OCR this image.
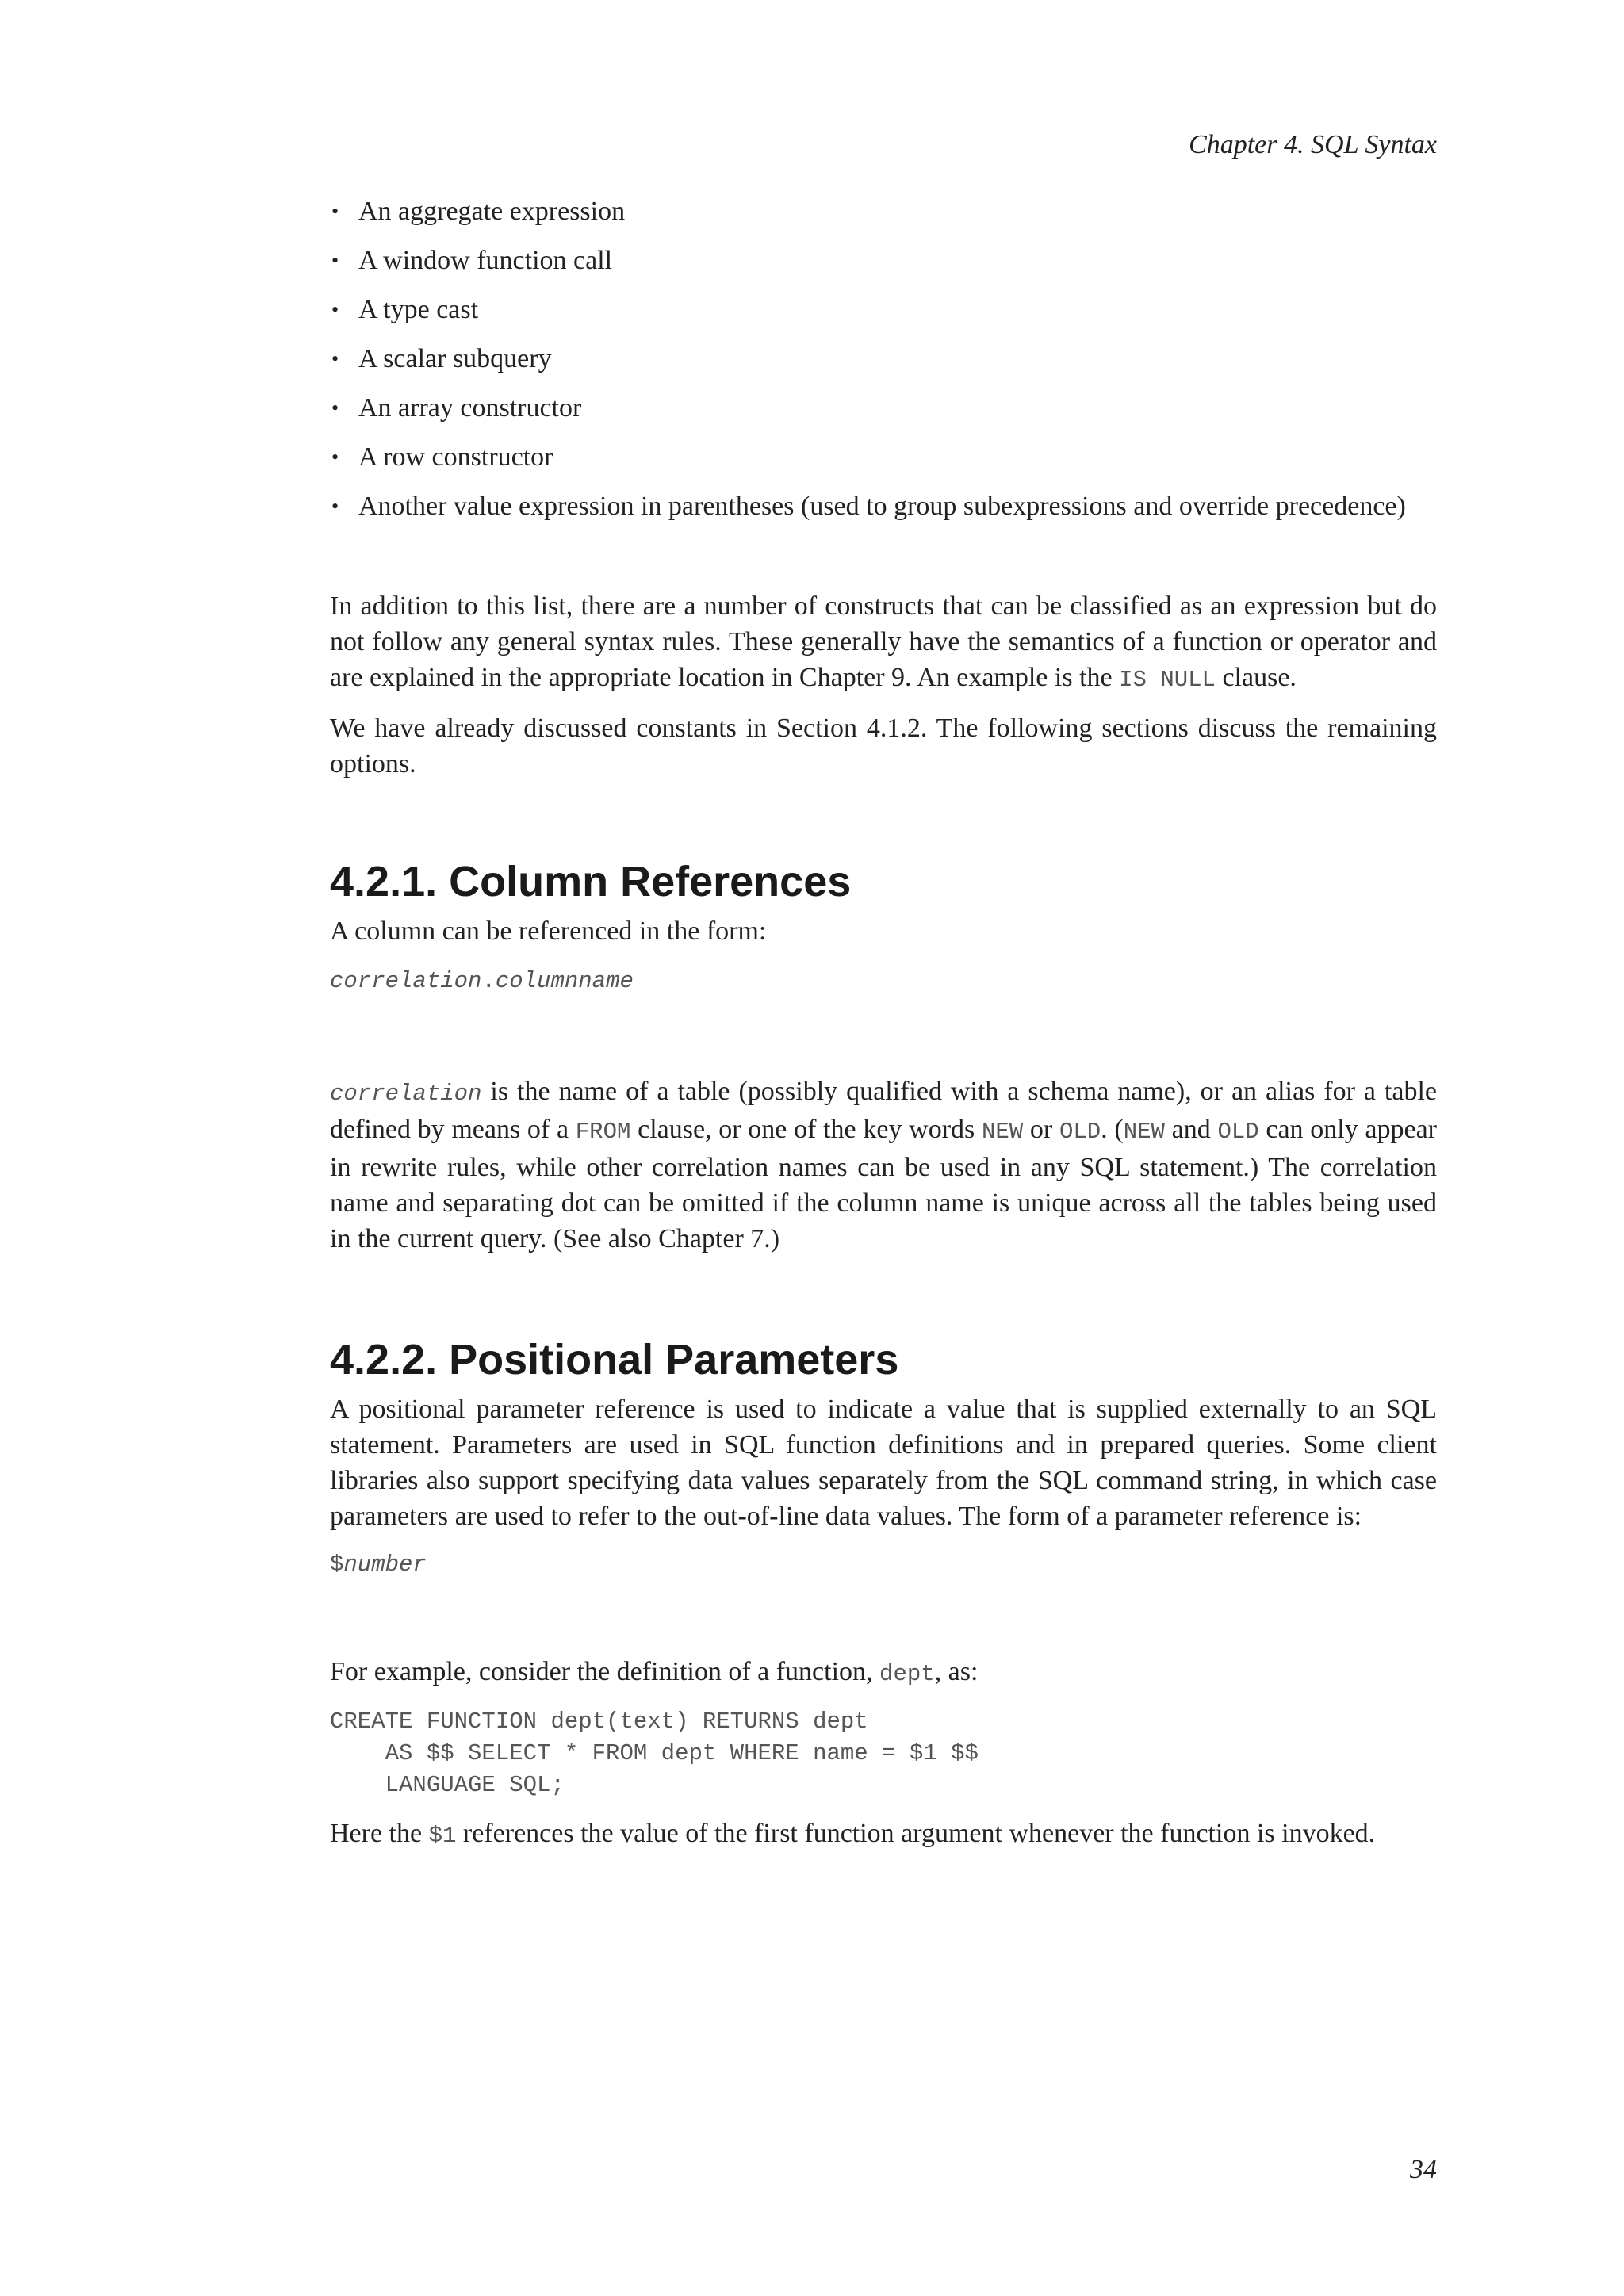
Chapter 4. SQL Syntax
• An aggregate expression
• A window function call
• A type cast
• A scalar subquery
• An array constructor
• A row constructor
• Another value expression in parentheses (used to group subexpressions and override precedence)

In addition to this list, there are a number of constructs that can be classified as an expression but do not follow any general syntax rules. These generally have the semantics of a function or operator and are explained in the appropriate location in Chapter 9. An example is the IS NULL clause.

We have already discussed constants in Section 4.1.2. The following sections discuss the remaining options.

4.2.1. Column References

A column can be referenced in the form:

correlation.columnname

correlation is the name of a table (possibly qualified with a schema name), or an alias for a table defined by means of a FROM clause, or one of the key words NEW or OLD. (NEW and OLD can only appear in rewrite rules, while other correlation names can be used in any SQL statement.) The correlation name and separating dot can be omitted if the column name is unique across all the tables being used in the current query. (See also Chapter 7.)

4.2.2. Positional Parameters

A positional parameter reference is used to indicate a value that is supplied externally to an SQL statement. Parameters are used in SQL function definitions and in prepared queries. Some client libraries also support specifying data values separately from the SQL command string, in which case parameters are used to refer to the out-of-line data values. The form of a parameter reference is:

$number

For example, consider the definition of a function, dept, as:

CREATE FUNCTION dept(text) RETURNS dept
AS $$ SELECT * FROM dept WHERE name = $1 $$
LANGUAGE SQL;

Here the $1 references the value of the first function argument whenever the function is invoked.

34
